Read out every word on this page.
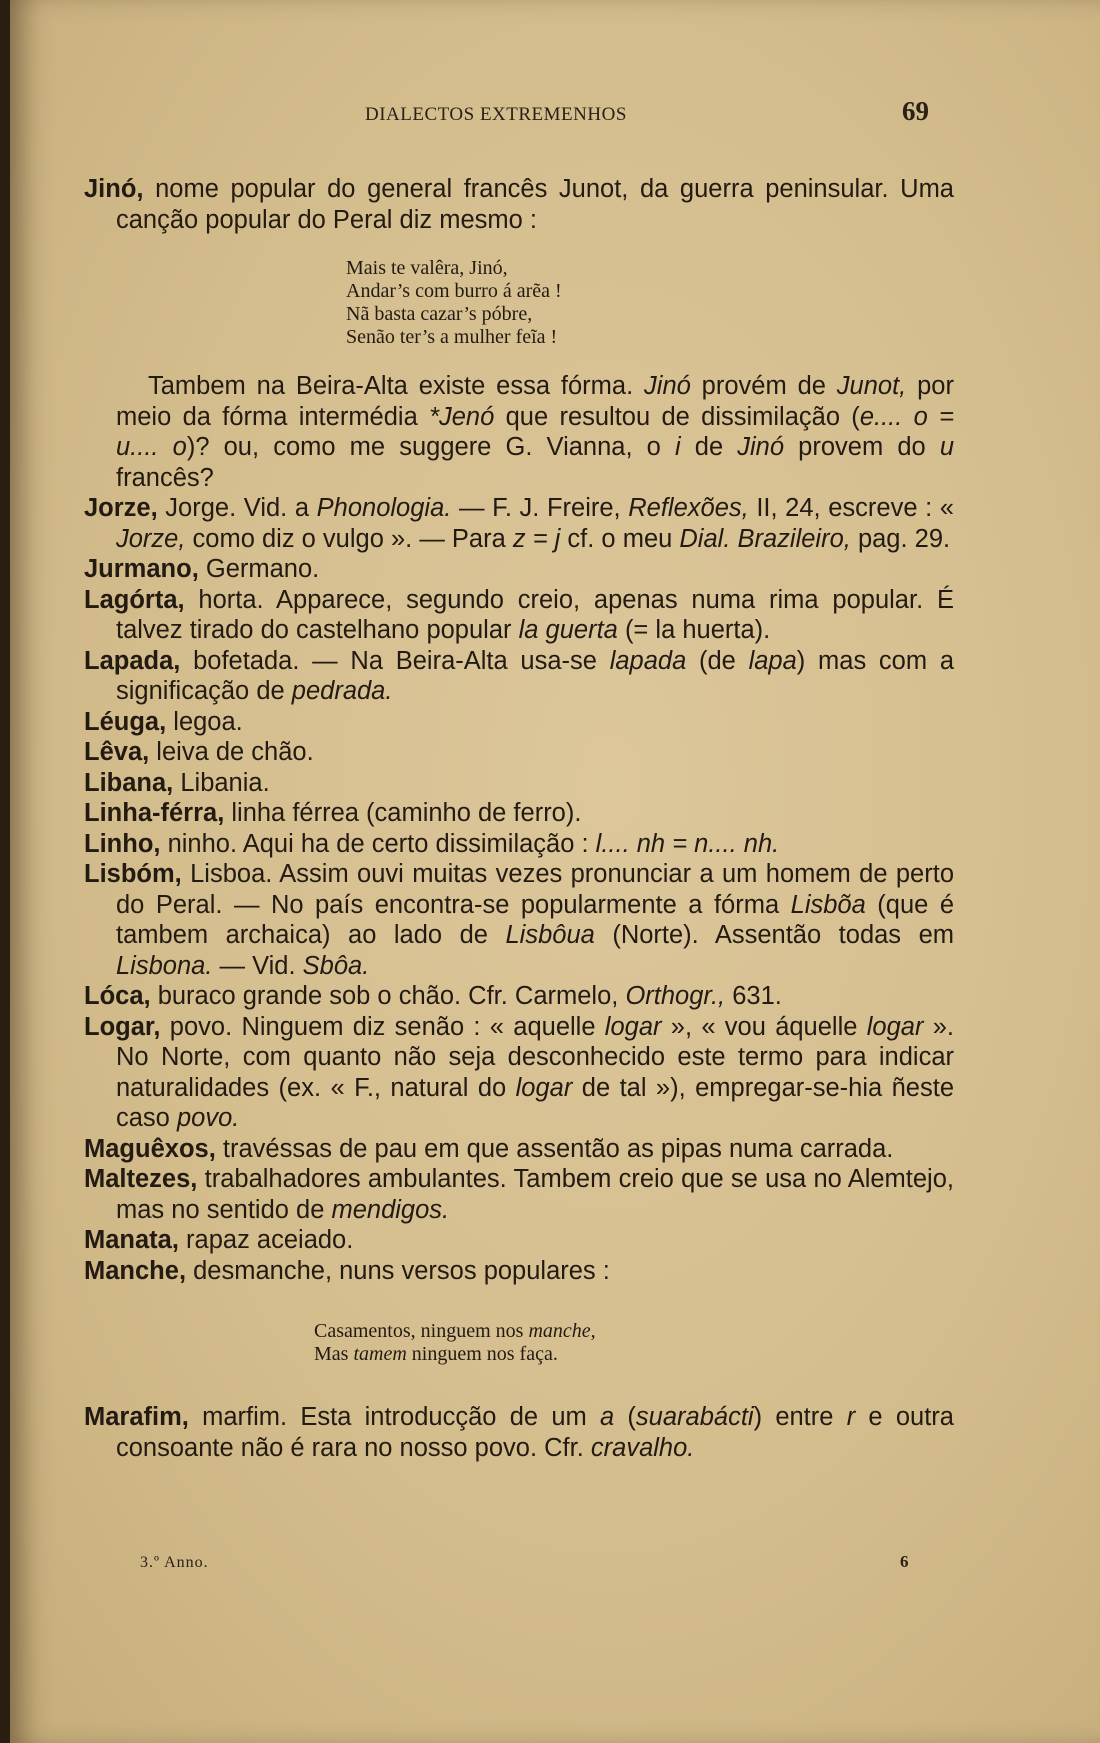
DIALECTOS EXTREMENHOS	69

Jinó, nome popular do general francês Junot, da guerra peninsular. Uma canção popular do Peral diz mesmo :

Mais te valêra, Jinó,
Andar’s com burro á arẽa !
Nã basta cazar’s póbre,
Senão ter’s a mulher feĩa !

Tambem na Beira-Alta existe essa fórma. Jinó provém de Junot, por meio da fórma intermédia *Jenó que resultou de dissimilação (e.... o = u.... o)? ou, como me suggere G. Vianna, o i de Jinó provem do u francês?

Jorze, Jorge. Vid. a Phonologia. — F. J. Freire, Reflexões, II, 24, escreve : « Jorze, como diz o vulgo ». — Para z = j cf. o meu Dial. Brazileiro, pag. 29.

Jurmano, Germano.

Lagórta, horta. Apparece, segundo creio, apenas numa rima popular. É talvez tirado do castelhano popular la guerta (= la huerta).

Lapada, bofetada. — Na Beira-Alta usa-se lapada (de lapa) mas com a significação de pedrada.

Léuga, legoa.

Lêva, leiva de chão.

Libana, Libania.

Linha-férra, linha férrea (caminho de ferro).

Linho, ninho. Aqui ha de certo dissimilação : l.... nh = n.... nh.

Lisbóm, Lisboa. Assim ouvi muitas vezes pronunciar a um homem de perto do Peral. — No país encontra-se popularmente a fórma Lisbõa (que é tambem archaica) ao lado de Lisbôua (Norte). Assentão todas em Lisbona. — Vid. Sbôa.

Lóca, buraco grande sob o chão. Cfr. Carmelo, Orthogr., 631.

Logar, povo. Ninguem diz senão : « aquelle logar », « vou áquelle logar ». No Norte, com quanto não seja desconhecido este termo para indicar naturalidades (ex. « F., natural do logar de tal »), empregar-se-hia ñeste caso povo.

Maguêxos, travéssas de pau em que assentão as pipas numa carrada.

Maltezes, trabalhadores ambulantes. Tambem creio que se usa no Alemtejo, mas no sentido de mendigos.

Manata, rapaz aceiado.

Manche, desmanche, nuns versos populares :

Casamentos, ninguem nos manche,
Mas tamem ninguem nos faça.

Marafim, marfim. Esta introducção de um a (suarabácti) entre r e outra consoante não é rara no nosso povo. Cfr. cravalho.

3.º Anno.	6
